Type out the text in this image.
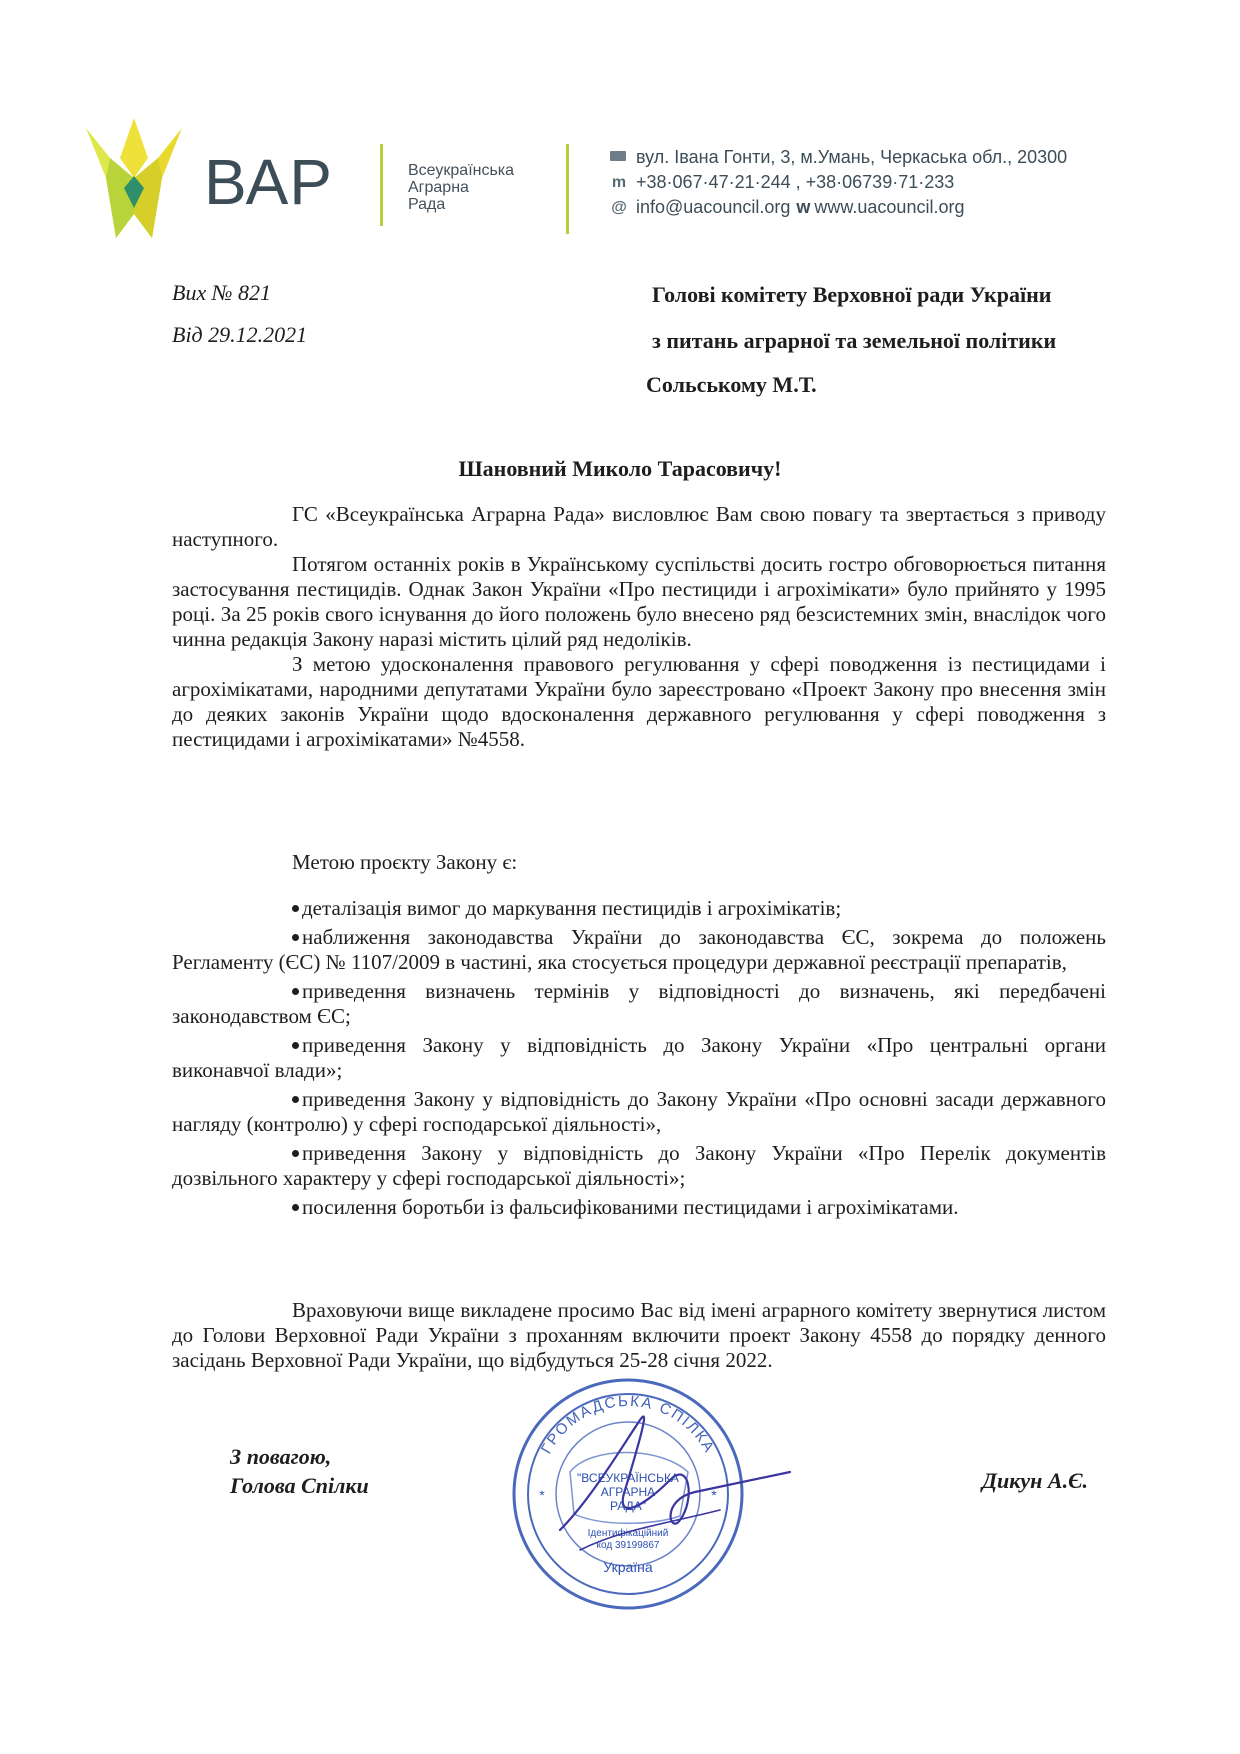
ВАР	Всеукраїнська
Аграрна
Рада
вул. Івана Гонти, 3, м.Умань, Черкаська обл., 20300
m +38·067·47·21·244 , +38·06739·71·233
@ info@uacouncil.org w www.uacouncil.org
Вих № 821
Від 29.12.2021
Голові комітету Верховної ради України
з питань аграрної та земельної політики
Сольському М.Т.
Шановний Миколо Тарасовичу!

ГС «Всеукраїнська Аграрна Рада» висловлює Вам свою повагу та звертається з приводу наступного.

Потягом останніх років в Українському суспільстві досить гостро обговорюється питання застосування пестицидів. Однак Закон України «Про пестициди і агрохімікати» було прийнято у 1995 році. За 25 років свого існування до його положень було внесено ряд безсистемних змін, внаслідок чого чинна редакція Закону наразі містить цілий ряд недоліків.

З метою удосконалення правового регулювання у сфері поводження із пестицидами і агрохімікатами, народними депутатами України було зареєстровано «Проект Закону про внесення змін до деяких законів України щодо вдосконалення державного регулювання у сфері поводження з пестицидами і агрохімікатами» №4558.

Метою проєкту Закону є:

деталізація вимог до маркування пестицидів і агрохімікатів;

наближення законодавства України до законодавства ЄС, зокрема до положень Регламенту (ЄС) № 1107/2009 в частині, яка стосується процедури державної реєстрації препаратів,

приведення визначень термінів у відповідності до визначень, які передбачені законодавством ЄС;

приведення Закону у відповідність до Закону України «Про центральні органи виконавчої влади»;

приведення Закону у відповідність до Закону України «Про основні засади державного нагляду (контролю) у сфері господарської діяльності»,

приведення Закону у відповідність до Закону України «Про Перелік документів дозвільного характеру у сфері господарської діяльності»;

посилення боротьби із фальсифікованими пестицидами і агрохімікатами.

Враховуючи вище викладене просимо Вас від імені аграрного комітету звернутися листом до Голови Верховної Ради України з проханням включити проект Закону 4558 до порядку денного засідань Верховної Ради України, що відбудуться 25-28 січня 2022.

З повагою,
Голова Спілки	Дикун А.Є.
ГРОМАДСЬКА СПІЛКА
"ВСЕУКРАЇНСЬКА
АГРАРНА
РАДА"
Ідентифікаційний
код 39199867
Україна
*	*
